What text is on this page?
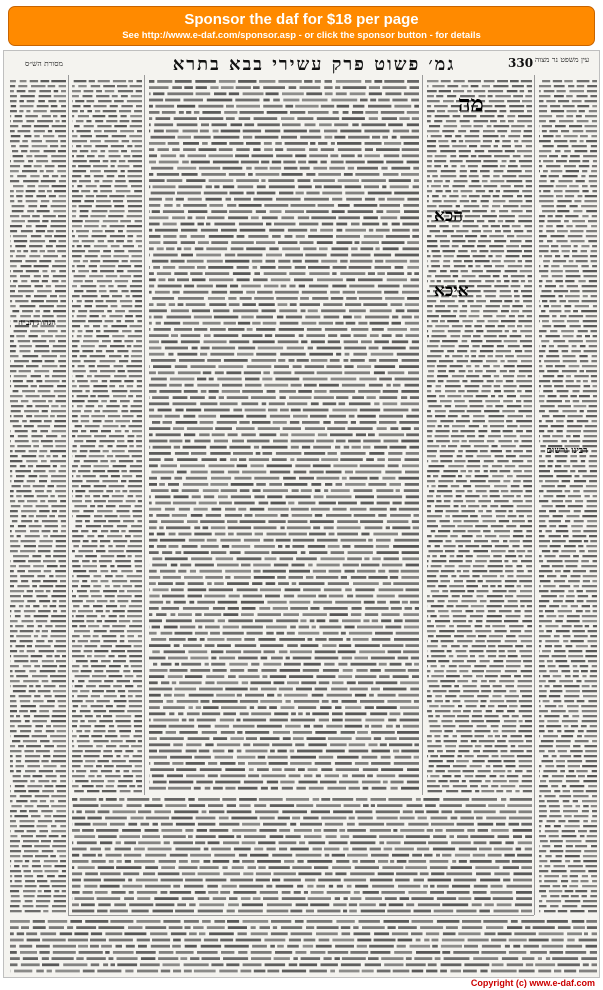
Sponsor the daf for $18 per page
See http://www.e-daf.com/sponsor.asp - or click the sponsor button - for details
מסורת הש״ס	גמ׳ פשוט פרק עשירי בבא בתרא	330 עין משפט נר מצוה
הגהות הב״ח
מה
הכא
איכא
רבינו גרשום
Copyright (c) www.e-daf.com
